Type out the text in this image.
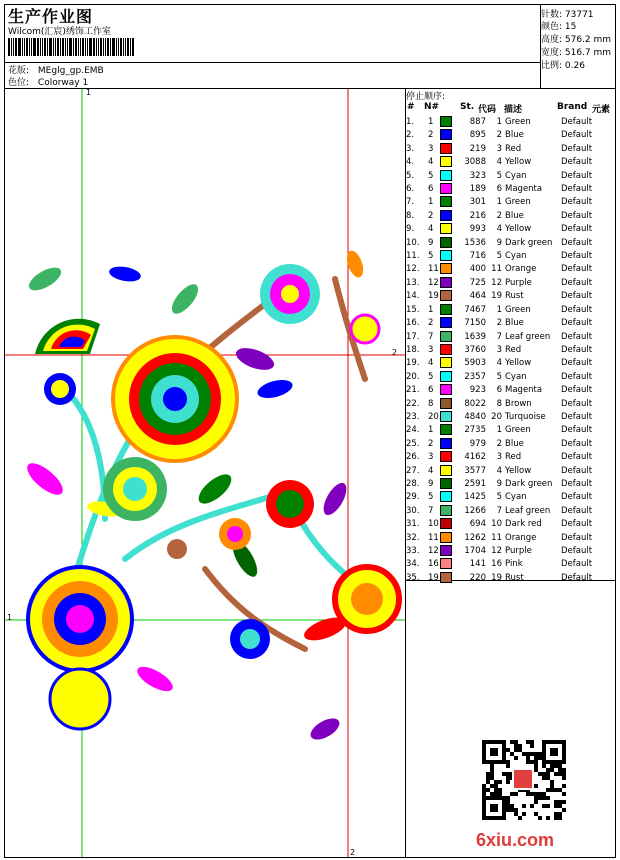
生产作业图
Wilcom(汇宸)绣饰工作室
花版: MEglg_gp.EMB
色位: Colorway 1
针数: 73771
颜色: 15
高度: 576.2 mm
宽度: 516.7 mm
比例: 0.26
1
1
2
2
停止顺序:
# N# St. 代码 描述	Brand 元素
1.	1		887	1	Green	Default
2.	2		895	2	Blue	Default
3.	3		219	3	Red	Default
4.	4		3088	4	Yellow	Default
5.	5		323	5	Cyan	Default
6.	6		189	6	Magenta	Default
7.	1		301	1	Green	Default
8.	2		216	2	Blue	Default
9.	4		993	4	Yellow	Default
10.	9		1536	9	Dark green	Default
11.	5		716	5	Cyan	Default
12.	11		400	11	Orange	Default
13.	12		725	12	Purple	Default
14.	19		464	19	Rust	Default
15.	1		7467	1	Green	Default
16.	2		7150	2	Blue	Default
17.	7		1639	7	Leaf green	Default
18.	3		3760	3	Red	Default
19.	4		5903	4	Yellow	Default
20.	5		2357	5	Cyan	Default
21.	6		923	6	Magenta	Default
22.	8		8022	8	Brown	Default
23.	20		4840	20	Turquoise	Default
24.	1		2735	1	Green	Default
25.	2		979	2	Blue	Default
26.	3		4162	3	Red	Default
27.	4		3577	4	Yellow	Default
28.	9		2591	9	Dark green	Default
29.	5		1425	5	Cyan	Default
30.	7		1266	7	Leaf green	Default
31.	10		694	10	Dark red	Default
32.	11		1262	11	Orange	Default
33.	12		1704	12	Purple	Default
34.	16		141	16	Pink	Default
35.	19		220	19	Rust	Default
6xiu.com
